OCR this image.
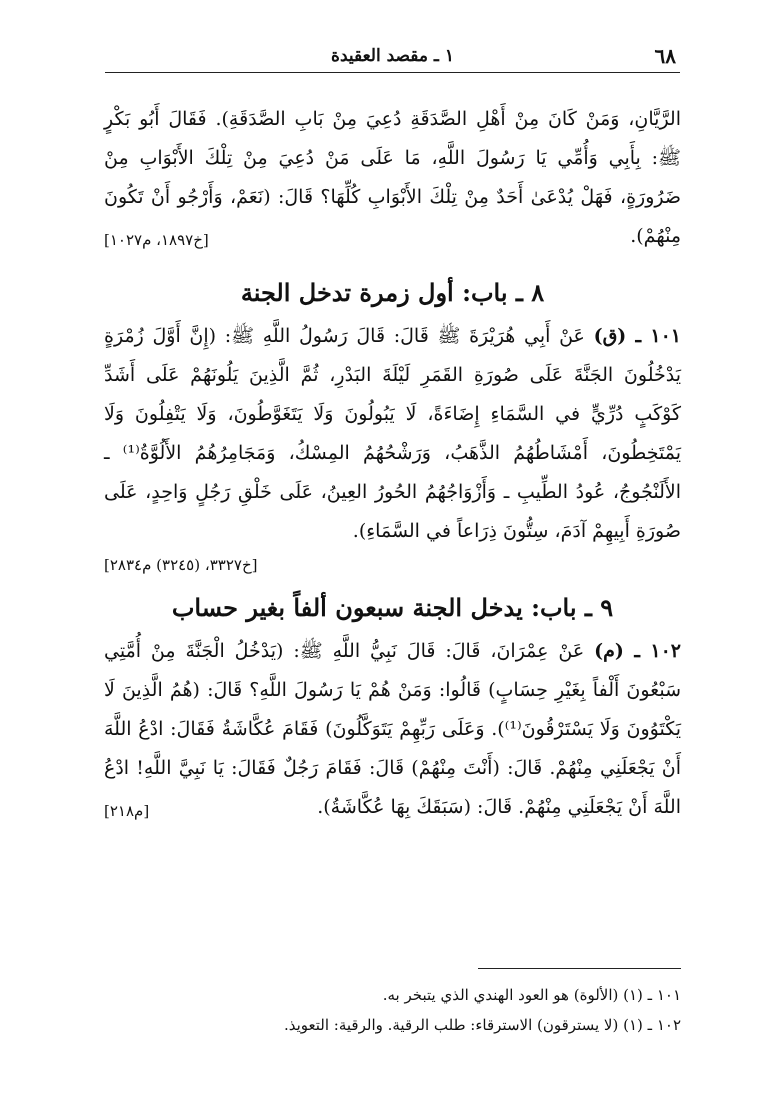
٦٨
١ ـ مقصد العقيدة

الرَّيَّانِ، وَمَنْ كَانَ مِنْ أَهْلِ الصَّدَقَةِ دُعِيَ مِنْ بَابِ الصَّدَقَةِ). فَقَالَ أَبُو بَكْرٍ ﷺ: بِأَبِي وَأُمِّي يَا رَسُولَ اللَّهِ، مَا عَلَى مَنْ دُعِيَ مِنْ تِلْكَ الأَبْوَابِ مِنْ ضَرُورَةٍ، فَهَلْ يُدْعَىٰ أَحَدٌ مِنْ تِلْكَ الأَبْوَابِ كُلِّهَا؟ قَالَ: (نَعَمْ، وَأَرْجُو أَنْ تَكُونَ مِنْهُمْ).
[خ١٨٩٧، م١٠٢٧]

٨ ـ باب: أول زمرة تدخل الجنة

١٠١ ـ (ق) عَنْ أَبِي هُرَيْرَةَ ﷺ قَالَ: قَالَ رَسُولُ اللَّهِ ﷺ: (إِنَّ أَوَّلَ زُمْرَةٍ يَدْخُلُونَ الجَنَّةَ عَلَى صُورَةِ القَمَرِ لَيْلَةَ البَدْرِ، ثُمَّ الَّذِينَ يَلُونَهُمْ عَلَى أَشَدِّ كَوْكَبٍ دُرِّيٍّ في السَّمَاءِ إِضَاءَةً، لَا يَبُولُونَ وَلَا يَتَغَوَّطُونَ، وَلَا يَتْفِلُونَ وَلَا يَمْتَخِطُونَ، أَمْشَاطُهُمُ الذَّهَبُ، وَرَشْحُهُمُ المِسْكُ، وَمَجَامِرُهُمُ الأَلُوَّةُ⁽¹⁾ ـ الأَلَنْجُوجُ، عُودُ الطِّيبِ ـ وَأَزْوَاجُهُمُ الحُورُ العِينُ، عَلَى خَلْقِ رَجُلٍ وَاحِدٍ، عَلَى صُورَةِ أَبِيهِمْ آدَمَ، سِتُّونَ ذِرَاعاً في السَّمَاءِ).

[خ٣٣٢٧، (٣٢٤٥) م٢٨٣٤]
٩ ـ باب: يدخل الجنة سبعون ألفاً بغير حساب

١٠٢ ـ (م) عَنْ عِمْرَانَ، قَالَ: قَالَ نَبِيُّ اللَّهِ ﷺ: (يَدْخُلُ الْجَنَّةَ مِنْ أُمَّتِي سَبْعُونَ أَلْفاً بِغَيْرِ حِسَابٍ) قَالُوا: وَمَنْ هُمْ يَا رَسُولَ اللَّهِ؟ قَالَ: (هُمُ الَّذِينَ لَا يَكْتَوُونَ وَلَا يَسْتَرْقُونَ⁽¹⁾). وَعَلَى رَبِّهِمْ يَتَوَكَّلُونَ) فَقَامَ عُكَّاشَةُ فَقَالَ: ادْعُ اللَّهَ أَنْ يَجْعَلَنِي مِنْهُمْ. قَالَ: (أَنْتَ مِنْهُمْ) قَالَ: فَقَامَ رَجُلٌ فَقَالَ: يَا نَبِيَّ اللَّهِ! ادْعُ اللَّهَ أَنْ يَجْعَلَنِي مِنْهُمْ. قَالَ: (سَبَقَكَ بِهَا عُكَّاشَةُ).
[م٢١٨]

١٠١ ـ (١) (الألوة) هو العود الهندي الذي يتبخر به.

١٠٢ ـ (١) (لا يسترقون) الاسترقاء: طلب الرقية. والرقية: التعويذ.
